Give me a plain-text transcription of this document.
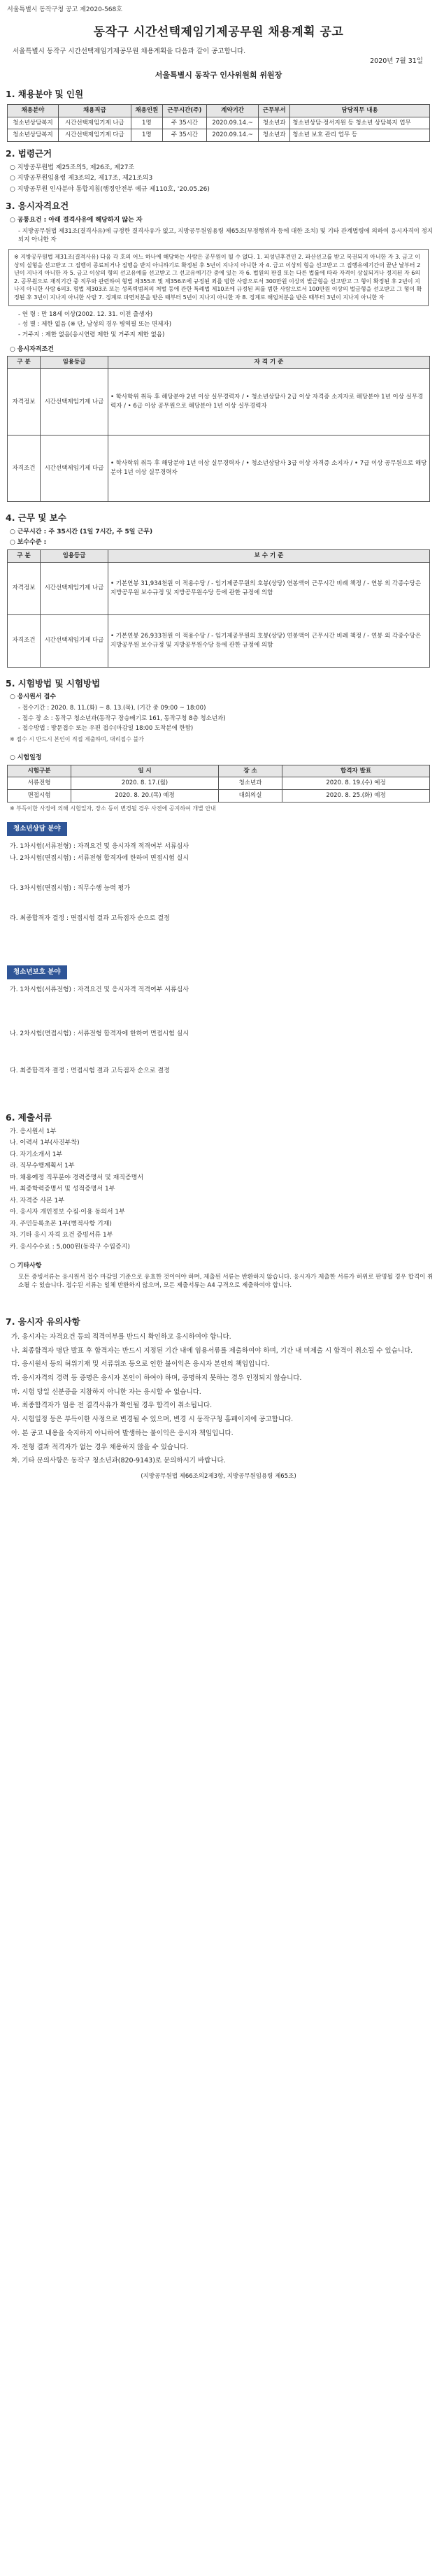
서울특별시 동작구청 공고 제2020-568호
동작구 시간선택제임기제공무원 채용계획 공고
서울특별시 동작구 시간선택제임기제공무원 채용계획을 다음과 같이 공고합니다.
2020년 7월 31일
서울특별시 동작구 인사위원회 위원장
1. 채용분야 및 인원
채용분야	채용직급	채용인원	근무시간(주)	계약기간	근무부서	담당직무 내용
청소년상담복지	시간선택제임기제 나급	1명	주 35시간	2020.09.14.~	청소년과	청소년상담·정서지원 등 청소년 상담복지 업무
청소년상담복지	시간선택제임기제 다급	1명	주 35시간	2020.09.14.~	청소년과	청소년 보호 관리 업무 등
2. 법령근거
○ 지방공무원법 제25조의5, 제26조, 제27조
○ 지방공무원임용령 제3조의2, 제17조, 제21조의3
○ 지방공무원 인사분야 통합지침(행정안전부 예규 제110호, '20.05.26)
3. 응시자격요건
○ 공통요건 : 아래 결격사유에 해당하지 않는 자
- 지방공무원법 제31조(결격사유)에 규정한 결격사유가 없고, 지방공무원임용령 제65조(부정행위자 등에 대한 조치) 및 기타 관계법령에 의하여 응시자격이 정지되지 아니한 자
※ 지방공무원법 제31조(결격사유) 다음 각 호의 어느 하나에 해당하는 사람은 공무원이 될 수 없다. 1. 피성년후견인 2. 파산선고를 받고 복권되지 아니한 자 3. 금고 이상의 실형을 선고받고 그 집행이 종료되거나 집행을 받지 아니하기로 확정된 후 5년이 지나지 아니한 자 4. 금고 이상의 형을 선고받고 그 집행유예기간이 끝난 날부터 2년이 지나지 아니한 자 5. 금고 이상의 형의 선고유예를 선고받고 그 선고유예기간 중에 있는 자 6. 법원의 판결 또는 다른 법률에 따라 자격이 상실되거나 정지된 자 6의2. 공무원으로 재직기간 중 직무와 관련하여 형법 제355조 및 제356조에 규정된 죄를 범한 사람으로서 300만원 이상의 벌금형을 선고받고 그 형이 확정된 후 2년이 지나지 아니한 사람 6의3. 형법 제303조 또는 성폭력범죄의 처벌 등에 관한 특례법 제10조에 규정된 죄를 범한 사람으로서 100만원 이상의 벌금형을 선고받고 그 형이 확정된 후 3년이 지나지 아니한 사람 7. 징계로 파면처분을 받은 때부터 5년이 지나지 아니한 자 8. 징계로 해임처분을 받은 때부터 3년이 지나지 아니한 자
- 연 령 : 만 18세 이상(2002. 12. 31. 이전 출생자)
- 성 별 : 제한 없음 (※ 단, 남성의 경우 병역필 또는 면제자)
- 거주지 : 제한 없음(응시연령 제한 및 거주지 제한 없음)
○ 응시자격조건
구 분	임용등급	자 격 기 준
자격정보	시간선택제임기제 나급	• 학사학위 취득 후 해당분야 2년 이상 실무경력자 / • 청소년상담사 2급 이상 자격증 소지자로 해당분야 1년 이상 실무경력자 / • 6급 이상 공무원으로 해당분야 1년 이상 실무경력자
자격조건	시간선택제임기제 다급	• 학사학위 취득 후 해당분야 1년 이상 실무경력자 / • 청소년상담사 3급 이상 자격증 소지자 / • 7급 이상 공무원으로 해당분야 1년 이상 실무경력자
4. 근무 및 보수
○ 근무시간 : 주 35시간 (1일 7시간, 주 5일 근무)
○ 보수수준 :
구 분	임용등급	보 수 기 준
자격정보	시간선택제임기제 나급	• 기본연봉 31,934천원 이 적용수당 / - 임기제공무원의 호봉(상당) 연봉액이 근무시간 비례 책정 / - 연봉 외 각종수당은 지방공무원 보수규정 및 지방공무원수당 등에 관한 규정에 의함
자격조건	시간선택제임기제 다급	• 기본연봉 26,933천원 이 적용수당 / - 임기제공무원의 호봉(상당) 연봉액이 근무시간 비례 책정 / - 연봉 외 각종수당은 지방공무원 보수규정 및 지방공무원수당 등에 관한 규정에 의함
5. 시험방법 및 시험방법
○ 응시원서 접수
- 접수기간 : 2020. 8. 11.(화) ~ 8. 13.(목), (기간 중 09:00 ~ 18:00)
- 접수 장 소 : 동작구 청소년과(동작구 장승배기로 161, 동작구청 8층 청소년과)
- 접수방법 : 방문접수 또는 우편 접수(마감일 18:00 도착분에 한함)
※ 접수 시 반드시 본인이 직접 제출하며, 대리접수 불가
○ 시험일정
시험구분	일 시	장 소	합격자 발표
서류전형	2020. 8. 17.(월)	청소년과	2020. 8. 19.(수) 예정
면접시험	2020. 8. 20.(목) 예정	대회의실	2020. 8. 25.(화) 예정
※ 부득이한 사정에 의해 시험일자, 장소 등이 변경될 경우 사전에 공지하여 개별 안내
청소년상담 분야
가. 1차시험(서류전형) : 자격요건 및 응시자격 적격여부 서류심사
나. 2차시험(면접시험) : 서류전형 합격자에 한하여 면접시험 실시
다. 3차시험(면접시험) : 직무수행 능력 평가
라. 최종합격자 결정 : 면접시험 결과 고득점자 순으로 결정
청소년보호 분야
가. 1차시험(서류전형) : 자격요건 및 응시자격 적격여부 서류심사
나. 2차시험(면접시험) : 서류전형 합격자에 한하여 면접시험 실시
다. 최종합격자 결정 : 면접시험 결과 고득점자 순으로 결정
6. 제출서류
가. 응시원서 1부
나. 이력서 1부(사진부착)
다. 자기소개서 1부
라. 직무수행계획서 1부
마. 채용예정 직무분야 경력증명서 및 재직증명서
바. 최종학력증명서 및 성적증명서 1부
사. 자격증 사본 1부
아. 응시자 개인정보 수집·이용 동의서 1부
자. 주민등록초본 1부(병적사항 기재)
차. 기타 응시 자격 요건 증빙서류 1부
카. 응시수수료 : 5,000원(동작구 수입증지)
○ 기타사항
모든 증빙서류는 응시원서 접수 마감일 기준으로 유효한 것이어야 하며, 제출된 서류는 반환하지 않습니다. 응시자가 제출한 서류가 허위로 판명될 경우 합격이 취소될 수 있습니다. 접수된 서류는 일체 반환하지 않으며, 모든 제출서류는 A4 규격으로 제출하여야 합니다.
7. 응시자 유의사항
가. 응시자는 자격요건 등의 적격여부를 반드시 확인하고 응시하여야 합니다.
나. 최종합격자 명단 발표 후 합격자는 반드시 지정된 기간 내에 임용서류를 제출하여야 하며, 기간 내 미제출 시 합격이 취소될 수 있습니다.
다. 응시원서 등의 허위기재 및 서류위조 등으로 인한 불이익은 응시자 본인의 책임입니다.
라. 응시자격의 경력 등 증명은 응시자 본인이 하여야 하며, 증명하지 못하는 경우 인정되지 않습니다.
마. 시험 당일 신분증을 지참하지 아니한 자는 응시할 수 없습니다.
바. 최종합격자가 임용 전 결격사유가 확인될 경우 합격이 취소됩니다.
사. 시험일정 등은 부득이한 사정으로 변경될 수 있으며, 변경 시 동작구청 홈페이지에 공고합니다.
아. 본 공고 내용을 숙지하지 아니하여 발생하는 불이익은 응시자 책임입니다.
자. 전형 결과 적격자가 없는 경우 채용하지 않을 수 있습니다.
차. 기타 문의사항은 동작구 청소년과(820-9143)로 문의하시기 바랍니다.
(지방공무원법 제66조의2제3항, 지방공무원임용령 제65조)
